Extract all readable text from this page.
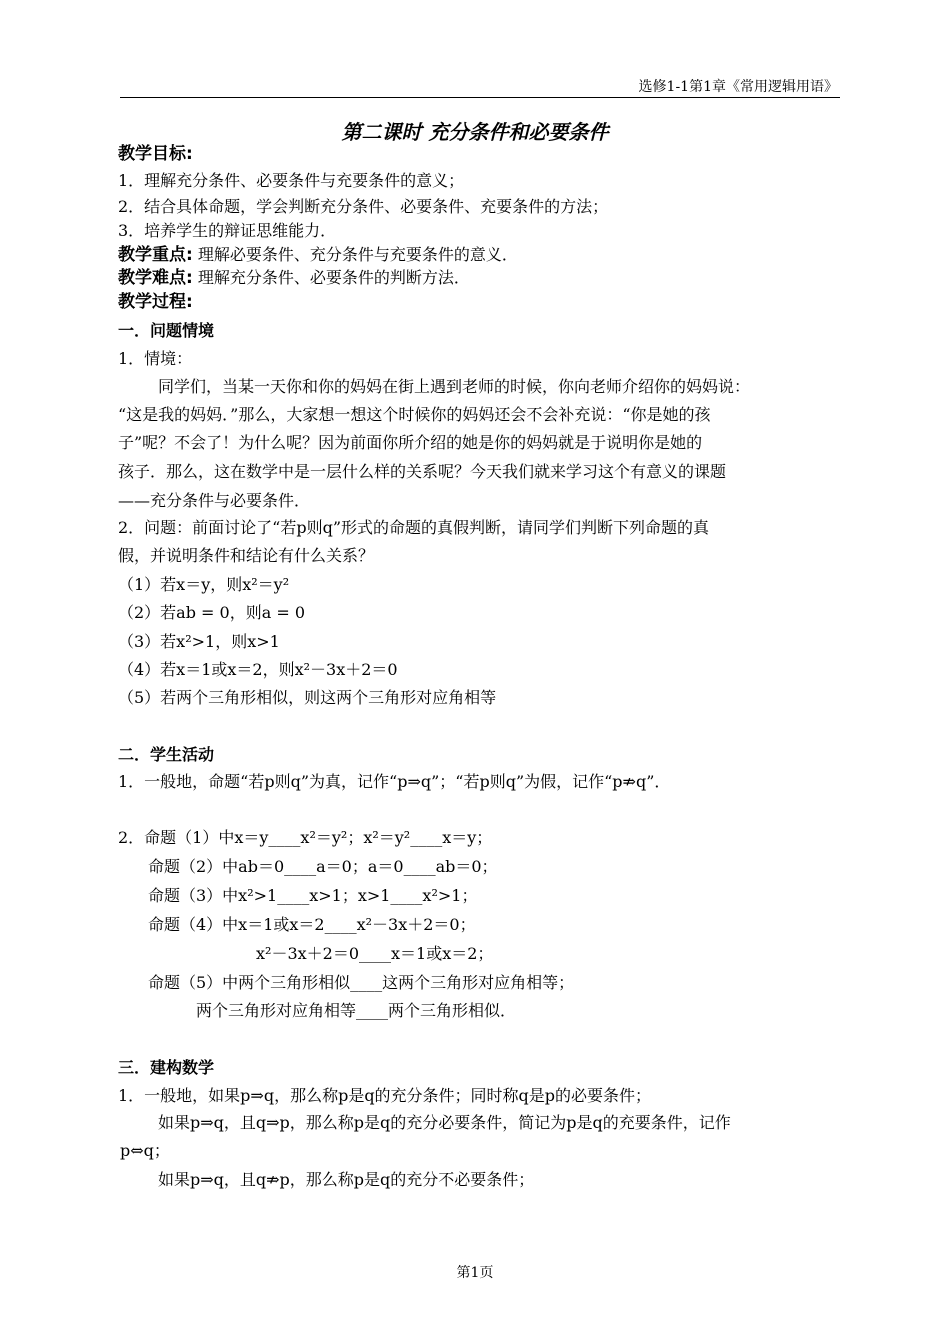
选修1-1第1章《常用逻辑用语》
第二课时 充分条件和必要条件
教学目标:
1．理解充分条件、必要条件与充要条件的意义；
2．结合具体命题，学会判断充分条件、必要条件、充要条件的方法；
3．培养学生的辩证思维能力．
教学重点: 理解必要条件、充分条件与充要条件的意义．
教学难点: 理解充分条件、必要条件的判断方法．
教学过程:
一．问题情境
1．情境：
同学们，当某一天你和你的妈妈在街上遇到老师的时候，你向老师介绍你的妈妈说：
“这是我的妈妈．”那么，大家想一想这个时候你的妈妈还会不会补充说：“你是她的孩
子”呢？不会了！为什么呢？因为前面你所介绍的她是你的妈妈就是于说明你是她的
孩子．那么，这在数学中是一层什么样的关系呢？今天我们就来学习这个有意义的课题
——充分条件与必要条件．
2．问题：前面讨论了“若p则q”形式的命题的真假判断，请同学们判断下列命题的真
假，并说明条件和结论有什么关系？
（1）若x＝y，则x²＝y²
（2）若ab = 0，则a = 0
（3）若x²>1，则x>1
（4）若x＝1或x＝2，则x²－3x＋2＝0
（5）若两个三角形相似，则这两个三角形对应角相等
二．学生活动
1．一般地，命题“若p则q”为真，记作“p⇒q”；“若p则q”为假，记作“p⇏q”．
2．命题（1）中x＝y____x²＝y²；x²＝y²____x＝y；
命题（2）中ab＝0____a＝0；a＝0____ab＝0；
命题（3）中x²>1____x>1；x>1____x²>1；
命题（4）中x＝1或x＝2____x²－3x＋2＝0；
x²－3x＋2＝0____x＝1或x＝2；
命题（5）中两个三角形相似____这两个三角形对应角相等；
两个三角形对应角相等____两个三角形相似．
三．建构数学
1．一般地，如果p⇒q，那么称p是q的充分条件；同时称q是p的必要条件；
如果p⇒q，且q⇒p，那么称p是q的充分必要条件，简记为p是q的充要条件，记作
p⇔q；
如果p⇒q，且q⇏p，那么称p是q的充分不必要条件；
第1页
